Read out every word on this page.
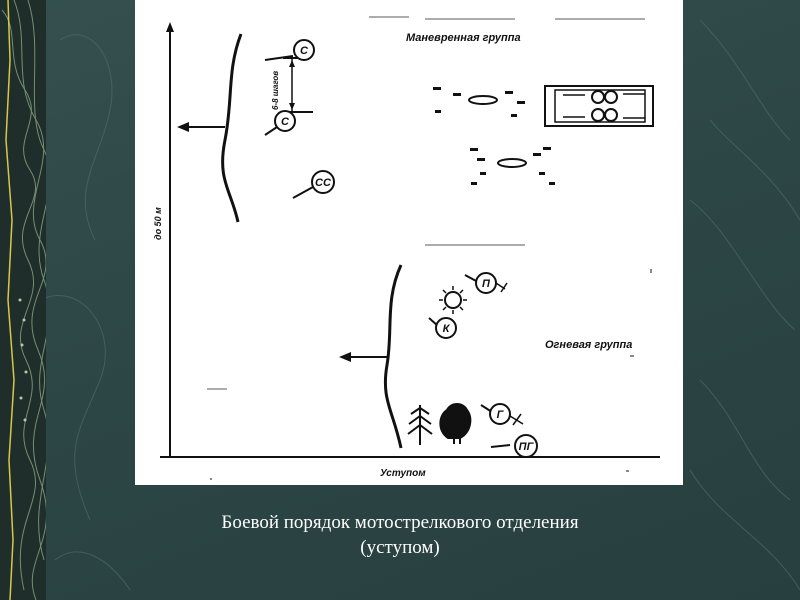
Маневренная группа
Огневая группа
Уступом
до 50 м
6-8 шагов
С
С
СС
П
К
Г
ПГ
Боевой порядок мотострелкового отделения
(уступом)
